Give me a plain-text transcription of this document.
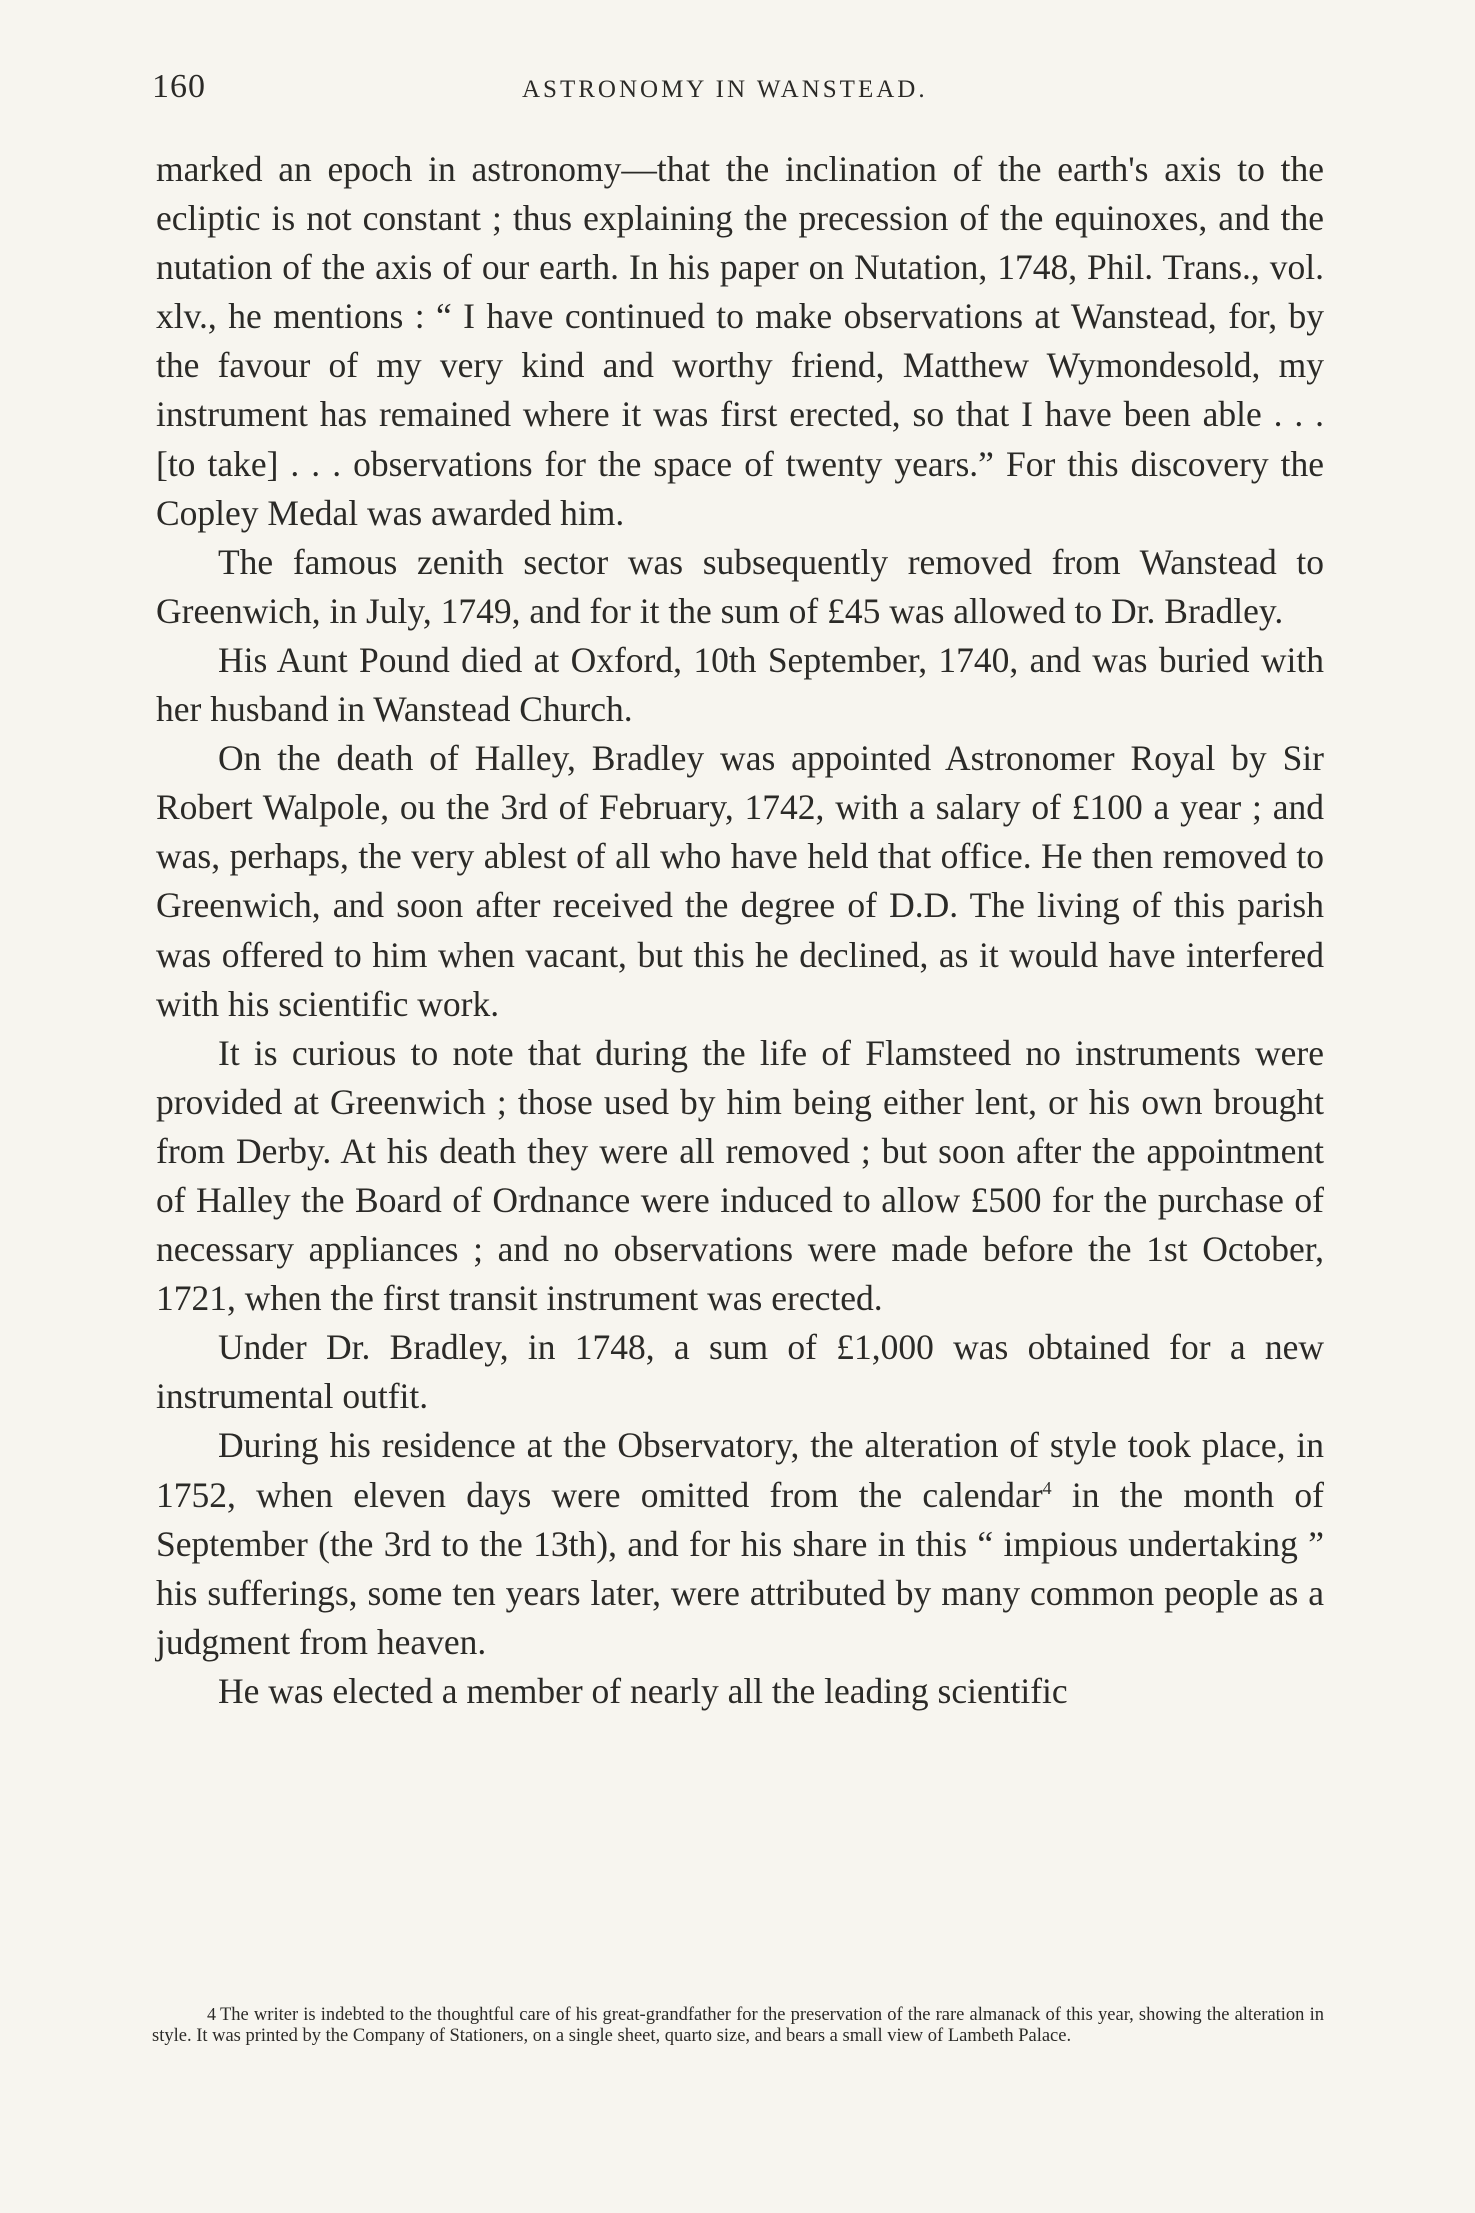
160	ASTRONOMY IN WANSTEAD.

marked an epoch in astronomy—that the inclination of the earth's axis to the ecliptic is not constant ; thus explaining the precession of the equinoxes, and the nutation of the axis of our earth. In his paper on Nutation, 1748, Phil. Trans., vol. xlv., he mentions : “ I have continued to make observations at Wanstead, for, by the favour of my very kind and worthy friend, Matthew Wymondesold, my instrument has remained where it was first erected, so that I have been able . . . [to take] . . . observations for the space of twenty years.” For this discovery the Copley Medal was awarded him.

The famous zenith sector was subsequently removed from Wanstead to Greenwich, in July, 1749, and for it the sum of £45 was allowed to Dr. Bradley.

His Aunt Pound died at Oxford, 10th September, 1740, and was buried with her husband in Wanstead Church.

On the death of Halley, Bradley was appointed Astronomer Royal by Sir Robert Walpole, ou the 3rd of February, 1742, with a salary of £100 a year ; and was, perhaps, the very ablest of all who have held that office. He then removed to Greenwich, and soon after received the degree of D.D. The living of this parish was offered to him when vacant, but this he declined, as it would have interfered with his scientific work.

It is curious to note that during the life of Flamsteed no instruments were provided at Greenwich ; those used by him being either lent, or his own brought from Derby. At his death they were all removed ; but soon after the appointment of Halley the Board of Ordnance were induced to allow £500 for the purchase of necessary appliances ; and no observations were made before the 1st October, 1721, when the first transit instrument was erected.

Under Dr. Bradley, in 1748, a sum of £1,000 was obtained for a new instrumental outfit.

During his residence at the Observatory, the alteration of style took place, in 1752, when eleven days were omitted from the calendar$^4$ in the month of September (the 3rd to the 13th), and for his share in this “ impious undertaking ” his sufferings, some ten years later, were attributed by many common people as a judgment from heaven.

He was elected a member of nearly all the leading scientific

4 The writer is indebted to the thoughtful care of his great-grandfather for the preservation of the rare almanack of this year, showing the alteration in style. It was printed by the Company of Stationers, on a single sheet, quarto size, and bears a small view of Lambeth Palace.
